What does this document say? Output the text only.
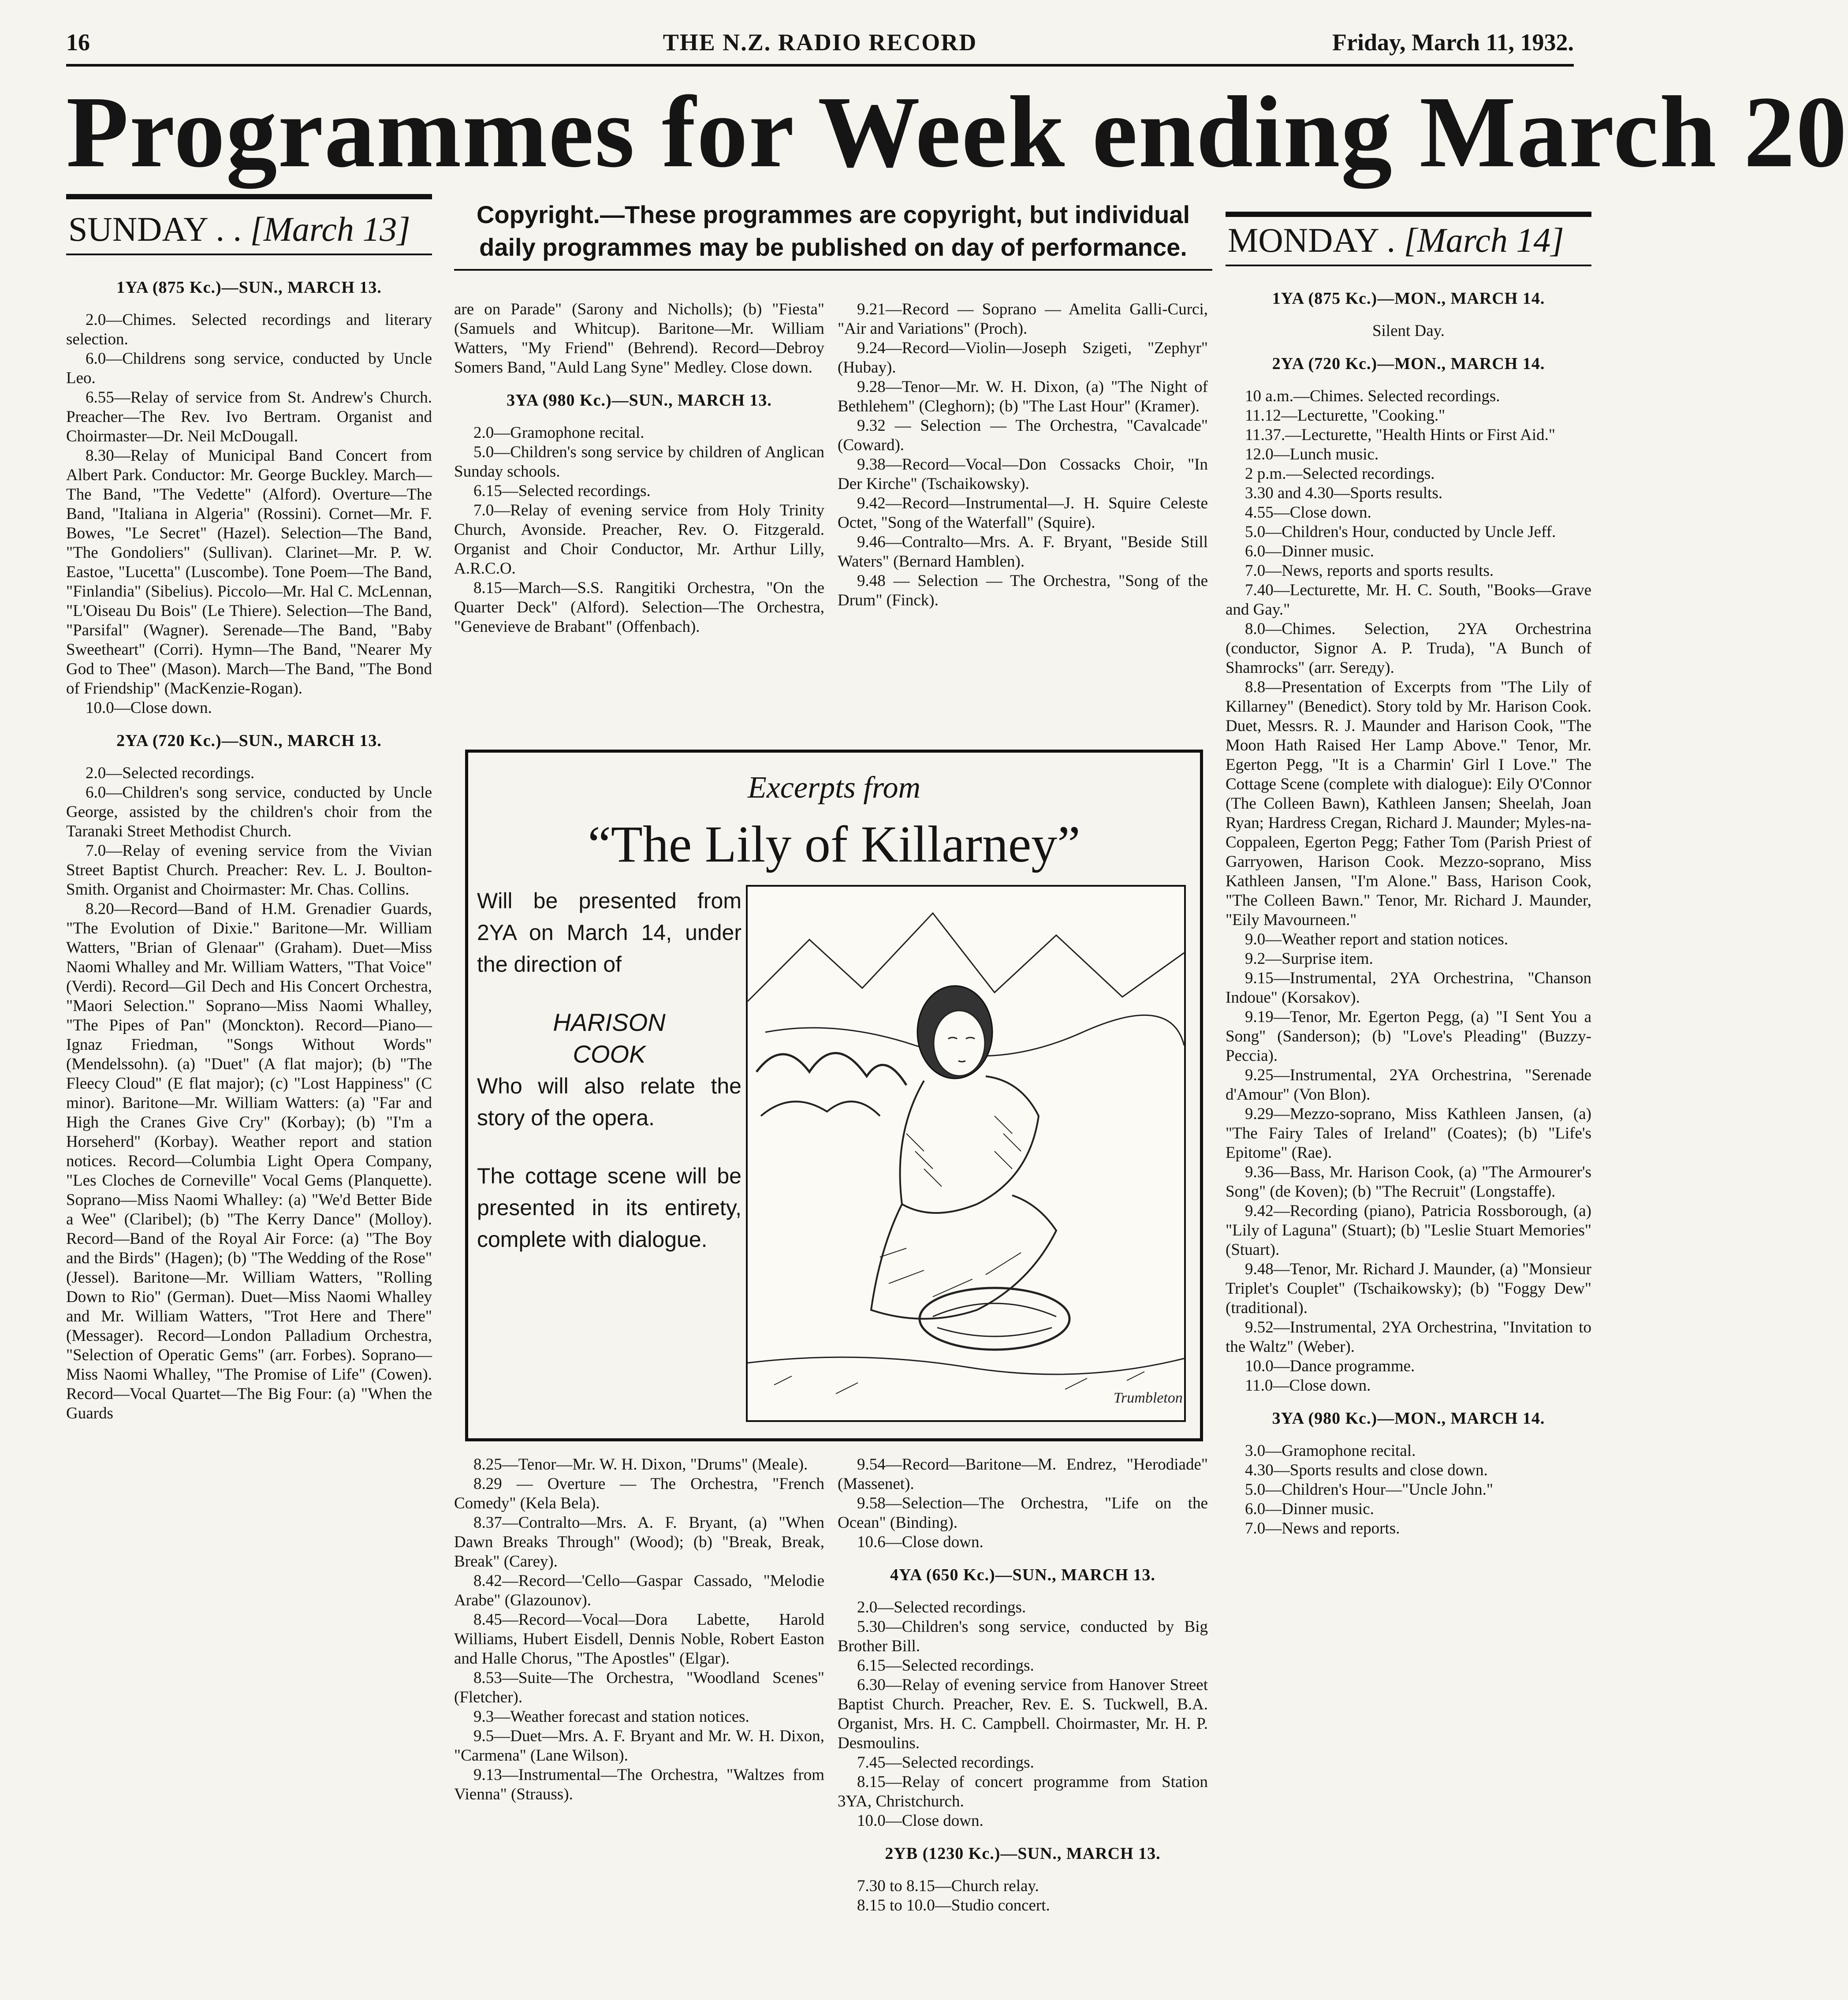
16	THE N.Z. RADIO RECORD	Friday, March 11, 1932.
Programmes for Week ending March 20
SUNDAY . . [March 13]	MONDAY . [March 14]
Copyright.—These programmes are copyright, but individual daily programmes may be published on day of performance.
1YA (875 Kc.)—SUN., MARCH 13.

2.0—Chimes. Selected recordings and literary selection.

6.0—Childrens song service, conducted by Uncle Leo.

6.55—Relay of service from St. Andrew's Church. Preacher—The Rev. Ivo Bertram. Organist and Choirmaster—Dr. Neil McDougall.

8.30—Relay of Municipal Band Concert from Albert Park. Conductor: Mr. George Buckley. March—The Band, "The Vedette" (Alford). Overture—The Band, "Italiana in Algeria" (Rossini). Cornet—Mr. F. Bowes, "Le Secret" (Hazel). Selection—The Band, "The Gondoliers" (Sullivan). Clarinet—Mr. P. W. Eastoe, "Lucetta" (Luscombe). Tone Poem—The Band, "Finlandia" (Sibelius). Piccolo—Mr. Hal C. McLennan, "L'Oiseau Du Bois" (Le Thiere). Selection—The Band, "Parsifal" (Wagner). Serenade—The Band, "Baby Sweetheart" (Corri). Hymn—The Band, "Nearer My God to Thee" (Mason). March—The Band, "The Bond of Friendship" (MacKenzie-Rogan).

10.0—Close down.

2YA (720 Kc.)—SUN., MARCH 13.

2.0—Selected recordings.

6.0—Children's song service, conducted by Uncle George, assisted by the children's choir from the Taranaki Street Methodist Church.

7.0—Relay of evening service from the Vivian Street Baptist Church. Preacher: Rev. L. J. Boulton-Smith. Organist and Choirmaster: Mr. Chas. Collins.

8.20—Record—Band of H.M. Grenadier Guards, "The Evolution of Dixie." Baritone—Mr. William Watters, "Brian of Glenaar" (Graham). Duet—Miss Naomi Whalley and Mr. William Watters, "That Voice" (Verdi). Record—Gil Dech and His Concert Orchestra, "Maori Selection." Soprano—Miss Naomi Whalley, "The Pipes of Pan" (Monckton). Record—Piano—Ignaz Friedman, "Songs Without Words" (Mendelssohn). (a) "Duet" (A flat major); (b) "The Fleecy Cloud" (E flat major); (c) "Lost Happiness" (C minor). Baritone—Mr. William Watters: (a) "Far and High the Cranes Give Cry" (Korbay); (b) "I'm a Horseherd" (Korbay). Weather report and station notices. Record—Columbia Light Opera Company, "Les Cloches de Corneville" Vocal Gems (Planquette). Soprano—Miss Naomi Whalley: (a) "We'd Better Bide a Wee" (Claribel); (b) "The Kerry Dance" (Molloy). Record—Band of the Royal Air Force: (a) "The Boy and the Birds" (Hagen); (b) "The Wedding of the Rose" (Jessel). Baritone—Mr. William Watters, "Rolling Down to Rio" (German). Duet—Miss Naomi Whalley and Mr. William Watters, "Trot Here and There" (Messager). Record—London Palladium Orchestra, "Selection of Operatic Gems" (arr. Forbes). Soprano—Miss Naomi Whalley, "The Promise of Life" (Cowen). Record—Vocal Quartet—The Big Four: (a) "When the Guards

are on Parade" (Sarony and Nicholls); (b) "Fiesta" (Samuels and Whitcup). Baritone—Mr. William Watters, "My Friend" (Behrend). Record—Debroy Somers Band, "Auld Lang Syne" Medley. Close down.

3YA (980 Kc.)—SUN., MARCH 13.

2.0—Gramophone recital.

5.0—Children's song service by children of Anglican Sunday schools.

6.15—Selected recordings.

7.0—Relay of evening service from Holy Trinity Church, Avonside. Preacher, Rev. O. Fitzgerald. Organist and Choir Conductor, Mr. Arthur Lilly, A.R.C.O.

8.15—March—S.S. Rangitiki Orchestra, "On the Quarter Deck" (Alford). Selection—The Orchestra, "Genevieve de Brabant" (Offenbach).

9.21—Record — Soprano — Amelita Galli-Curci, "Air and Variations" (Proch).

9.24—Record—Violin—Joseph Szigeti, "Zephyr" (Hubay).

9.28—Tenor—Mr. W. H. Dixon, (a) "The Night of Bethlehem" (Cleghorn); (b) "The Last Hour" (Kramer).

9.32 — Selection — The Orchestra, "Cavalcade" (Coward).

9.38—Record—Vocal—Don Cossacks Choir, "In Der Kirche" (Tschaikowsky).

9.42—Record—Instrumental—J. H. Squire Celeste Octet, "Song of the Waterfall" (Squire).

9.46—Contralto—Mrs. A. F. Bryant, "Beside Still Waters" (Bernard Hamblen).

9.48 — Selection — The Orchestra, "Song of the Drum" (Finck).

Excerpts from
“The Lily of Killarney”
Will be presented from 2YA on March 14, under the direction of
HARISON
COOK
Who will also relate the story of the opera.
The cottage scene will be presented in its entirety, complete with dialogue.
Trumbleton

8.25—Tenor—Mr. W. H. Dixon, "Drums" (Meale).

8.29 — Overture — The Orchestra, "French Comedy" (Kela Bela).

8.37—Contralto—Mrs. A. F. Bryant, (a) "When Dawn Breaks Through" (Wood); (b) "Break, Break, Break" (Carey).

8.42—Record—'Cello—Gaspar Cassado, "Melodie Arabe" (Glazounov).

8.45—Record—Vocal—Dora Labette, Harold Williams, Hubert Eisdell, Dennis Noble, Robert Easton and Halle Chorus, "The Apostles" (Elgar).

8.53—Suite—The Orchestra, "Woodland Scenes" (Fletcher).

9.3—Weather forecast and station notices.

9.5—Duet—Mrs. A. F. Bryant and Mr. W. H. Dixon, "Carmena" (Lane Wilson).

9.13—Instrumental—The Orchestra, "Waltzes from Vienna" (Strauss).

9.54—Record—Baritone—M. Endrez, "Herodiade" (Massenet).

9.58—Selection—The Orchestra, "Life on the Ocean" (Binding).

10.6—Close down.

4YA (650 Kc.)—SUN., MARCH 13.

2.0—Selected recordings.

5.30—Children's song service, conducted by Big Brother Bill.

6.15—Selected recordings.

6.30—Relay of evening service from Hanover Street Baptist Church. Preacher, Rev. E. S. Tuckwell, B.A. Organist, Mrs. H. C. Campbell. Choirmaster, Mr. H. P. Desmoulins.

7.45—Selected recordings.

8.15—Relay of concert programme from Station 3YA, Christchurch.

10.0—Close down.

2YB (1230 Kc.)—SUN., MARCH 13.

7.30 to 8.15—Church relay.

8.15 to 10.0—Studio concert.

1YA (875 Kc.)—MON., MARCH 14.

Silent Day.

2YA (720 Kc.)—MON., MARCH 14.

10 a.m.—Chimes. Selected recordings.

11.12—Lecturette, "Cooking."

11.37.—Lecturette, "Health Hints or First Aid."

12.0—Lunch music.

2 p.m.—Selected recordings.

3.30 and 4.30—Sports results.

4.55—Close down.

5.0—Children's Hour, conducted by Uncle Jeff.

6.0—Dinner music.

7.0—News, reports and sports results.

7.40—Lecturette, Mr. H. C. South, "Books—Grave and Gay."

8.0—Chimes. Selection, 2YA Orchestrina (conductor, Signor A. P. Truda), "A Bunch of Shamrocks" (arr. Serедy).

8.8—Presentation of Excerpts from "The Lily of Killarney" (Benedict). Story told by Mr. Harison Cook. Duet, Messrs. R. J. Maunder and Harison Cook, "The Moon Hath Raised Her Lamp Above." Tenor, Mr. Egerton Pegg, "It is a Charmin' Girl I Love." The Cottage Scene (complete with dialogue): Eily O'Connor (The Colleen Bawn), Kathleen Jansen; Sheelah, Joan Ryan; Hardress Cregan, Richard J. Maunder; Myles-na-Coppaleen, Egerton Pegg; Father Tom (Parish Priest of Garryowen, Harison Cook. Mezzo-soprano, Miss Kathleen Jansen, "I'm Alone." Bass, Harison Cook, "The Colleen Bawn." Tenor, Mr. Richard J. Maunder, "Eily Mavourneen."

9.0—Weather report and station notices.

9.2—Surprise item.

9.15—Instrumental, 2YA Orchestrina, "Chanson Indoue" (Korsakov).

9.19—Tenor, Mr. Egerton Pegg, (a) "I Sent You a Song" (Sanderson); (b) "Love's Pleading" (Buzzy-Peccia).

9.25—Instrumental, 2YA Orchestrina, "Serenade d'Amour" (Von Blon).

9.29—Mezzo-soprano, Miss Kathleen Jansen, (a) "The Fairy Tales of Ireland" (Coates); (b) "Life's Epitome" (Rae).

9.36—Bass, Mr. Harison Cook, (a) "The Armourer's Song" (de Koven); (b) "The Recruit" (Longstaffe).

9.42—Recording (piano), Patricia Rossborough, (a) "Lily of Laguna" (Stuart); (b) "Leslie Stuart Memories" (Stuart).

9.48—Tenor, Mr. Richard J. Maunder, (a) "Monsieur Triplet's Couplet" (Tschaikowsky); (b) "Foggy Dew" (traditional).

9.52—Instrumental, 2YA Orchestrina, "Invitation to the Waltz" (Weber).

10.0—Dance programme.

11.0—Close down.

3YA (980 Kc.)—MON., MARCH 14.

3.0—Gramophone recital.

4.30—Sports results and close down.

5.0—Children's Hour—"Uncle John."

6.0—Dinner music.

7.0—News and reports.
